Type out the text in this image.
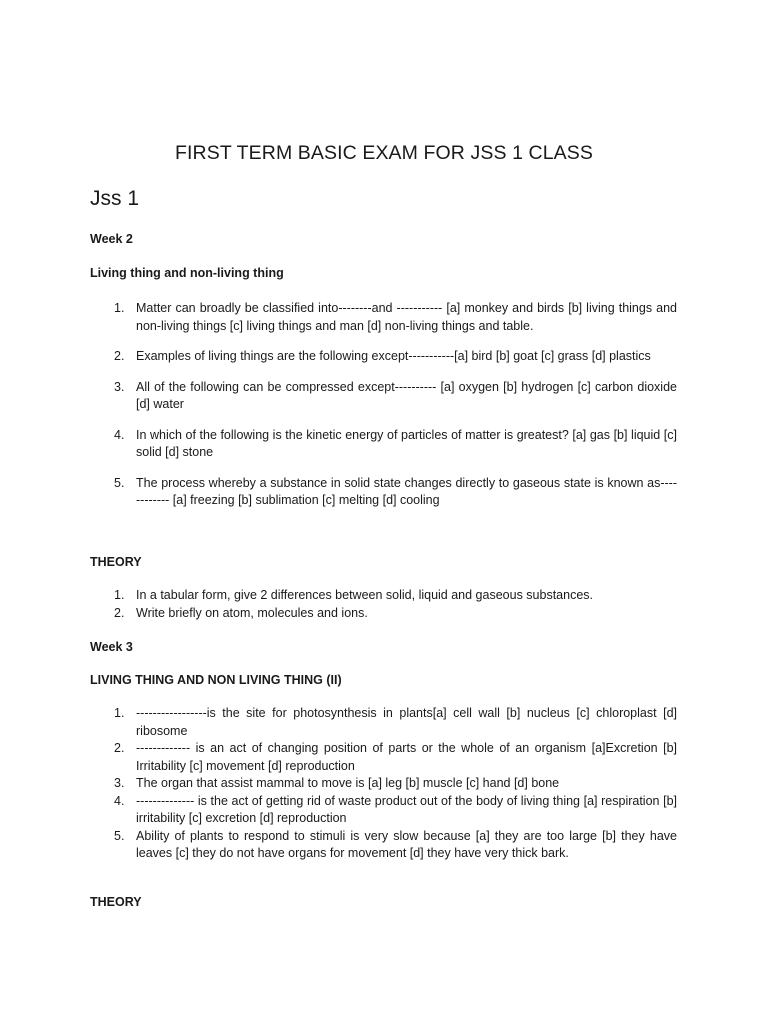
FIRST TERM BASIC EXAM FOR JSS 1 CLASS
Jss 1

Week 2

Living thing and non-living thing

1. Matter can broadly be classified into--------and ----------- [a] monkey and birds [b] living things and non-living things [c] living things and man [d] non-living things and table.
2. Examples of living things are the following except-----------[a] bird [b] goat [c] grass [d] plastics
3. All of the following can be compressed except---------- [a] oxygen [b] hydrogen [c] carbon dioxide [d] water
4. In which of the following is the kinetic energy of particles of matter is greatest? [a] gas [b] liquid [c] solid [d] stone
5. The process whereby a substance in solid state changes directly to gaseous state is known as------------ [a] freezing [b] sublimation [c] melting [d] cooling

THEORY

1. In a tabular form, give 2 differences between solid, liquid and gaseous substances.
2. Write briefly on atom, molecules and ions.

Week 3

LIVING THING AND NON LIVING THING (II)

1. -----------------is the site for photosynthesis in plants[a] cell wall [b] nucleus [c] chloroplast [d] ribosome
2. ------------- is an act of changing position of parts or the whole of an organism [a]Excretion [b] Irritability [c] movement [d] reproduction
3. The organ that assist mammal to move is [a] leg [b] muscle [c] hand [d] bone
4. -------------- is the act of getting rid of waste product out of the body of living thing [a] respiration [b] irritability [c] excretion [d] reproduction
5. Ability of plants to respond to stimuli is very slow because [a] they are too large [b] they have leaves [c] they do not have organs for movement [d] they have very thick bark.

THEORY
